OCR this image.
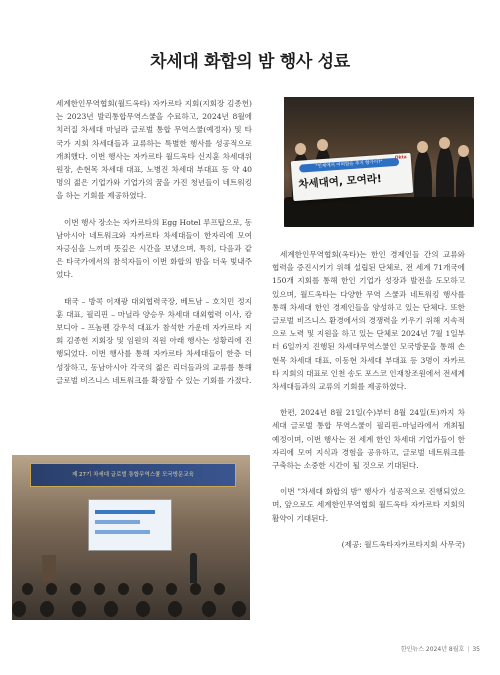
차세대 화합의 밤 행사 성료

세계한인무역협회(월드옥타) 자카르타 지회(지회장 김종헌)는 2023년 발리통합무역스쿨을 수료하고, 2024년 8월에 치러질 차세대 마닐라 글로벌 통합 무역스쿨(예정자) 및 타국가 지회 차세대들과 교류하는 특별한 행사를 성공적으로 개최했다. 이번 행사는 자카르타 월드옥타 신지훈 차세대위원장, 손현목 차세대 대표, 노병진 차세대 부대표 등 약 40명의 젊은 기업가와 기업가의 꿈을 가진 청년들이 네트워킹을 하는 기회를 제공하였다.

이번 행사 장소는 자카르타의 Egg Hotel 루프탑으로, 동남아시아 네트워크와 자카르타 차세대들이 한자리에 모여 자긍심을 느끼며 뜻깊은 시간을 보냈으며, 특히, 다음과 같은 타국가에서의 참석자들이 이번 화합의 밤을 더욱 빛내주었다.

태국 – 방콕 이재광 대외협력국장, 베트남 – 호치민 정지훈 대표, 필리핀 – 마닐라 양승우 차세대 대외협력 이사, 캄보디아 – 프놈펜 강우석 대표가 참석한 가운데 자카르타 지회 김종헌 지회장 및 임원의 직원 아래 행사는 성황리에 진행되었다. 이번 행사를 통해 자카르타 차세대들이 한층 더 성장하고, 동남아시아 각국의 젊은 리더들과의 교류를 통해 글로벌 비즈니스 네트워크를 확장할 수 있는 기회를 가졌다.

세계한인무역협회(옥타)는 한인 경제인들 간의 교류와 협력을 증진시키기 위해 설립된 단체로, 전 세계 71개국에 150개 지회를 통해 한인 기업가 성장과 발전을 도모하고 있으며, 월드옥타는 다양한 무역 스쿨과 네트워킹 행사를 통해 차세대 한인 경제인들을 양성하고 있는 단체다. 또한 글로벌 비즈니스 환경에서의 경쟁력을 키우기 위해 지속적으로 노력 및 지원을 하고 있는 단체로 2024년 7월 1일부터 6일까지 진행된 차세대무역스쿨인 모국방문을 통해 손현목 차세대 대표, 이동현 차세대 부대표 등 3명이 자카르타 지회의 대표로 인천 송도 포스코 인재창조원에서 전세계 차세대들과의 교류의 기회를 제공하였다.

한편, 2024년 8월 21일(수)부터 8월 24일(토)까지 차세대 글로벌 통합 무역스쿨이 필리핀–마닐라에서 개최될 예정이며, 이번 행사는 전 세계 한인 차세대 기업가들이 한자리에 모여 지식과 경험을 공유하고, 글로벌 네트워크를 구축하는 소중한 시간이 될 것으로 기대된다.

이번 "차세대 화합의 밤" 행사가 성공적으로 진행되었으며, 앞으로도 세계한인무역협회 월드옥타 자카르타 지회의 활약이 기대된다.

(제공: 월드옥타자카르타지회 사무국)

"인재에서 어떠함을 추지 향가이?"
차세대여, 모여라!
Okta
제 27기 차세대 글로벌 통합무역스쿨 모국방문교육
한인뉴스 2024년 8월호 | 35
